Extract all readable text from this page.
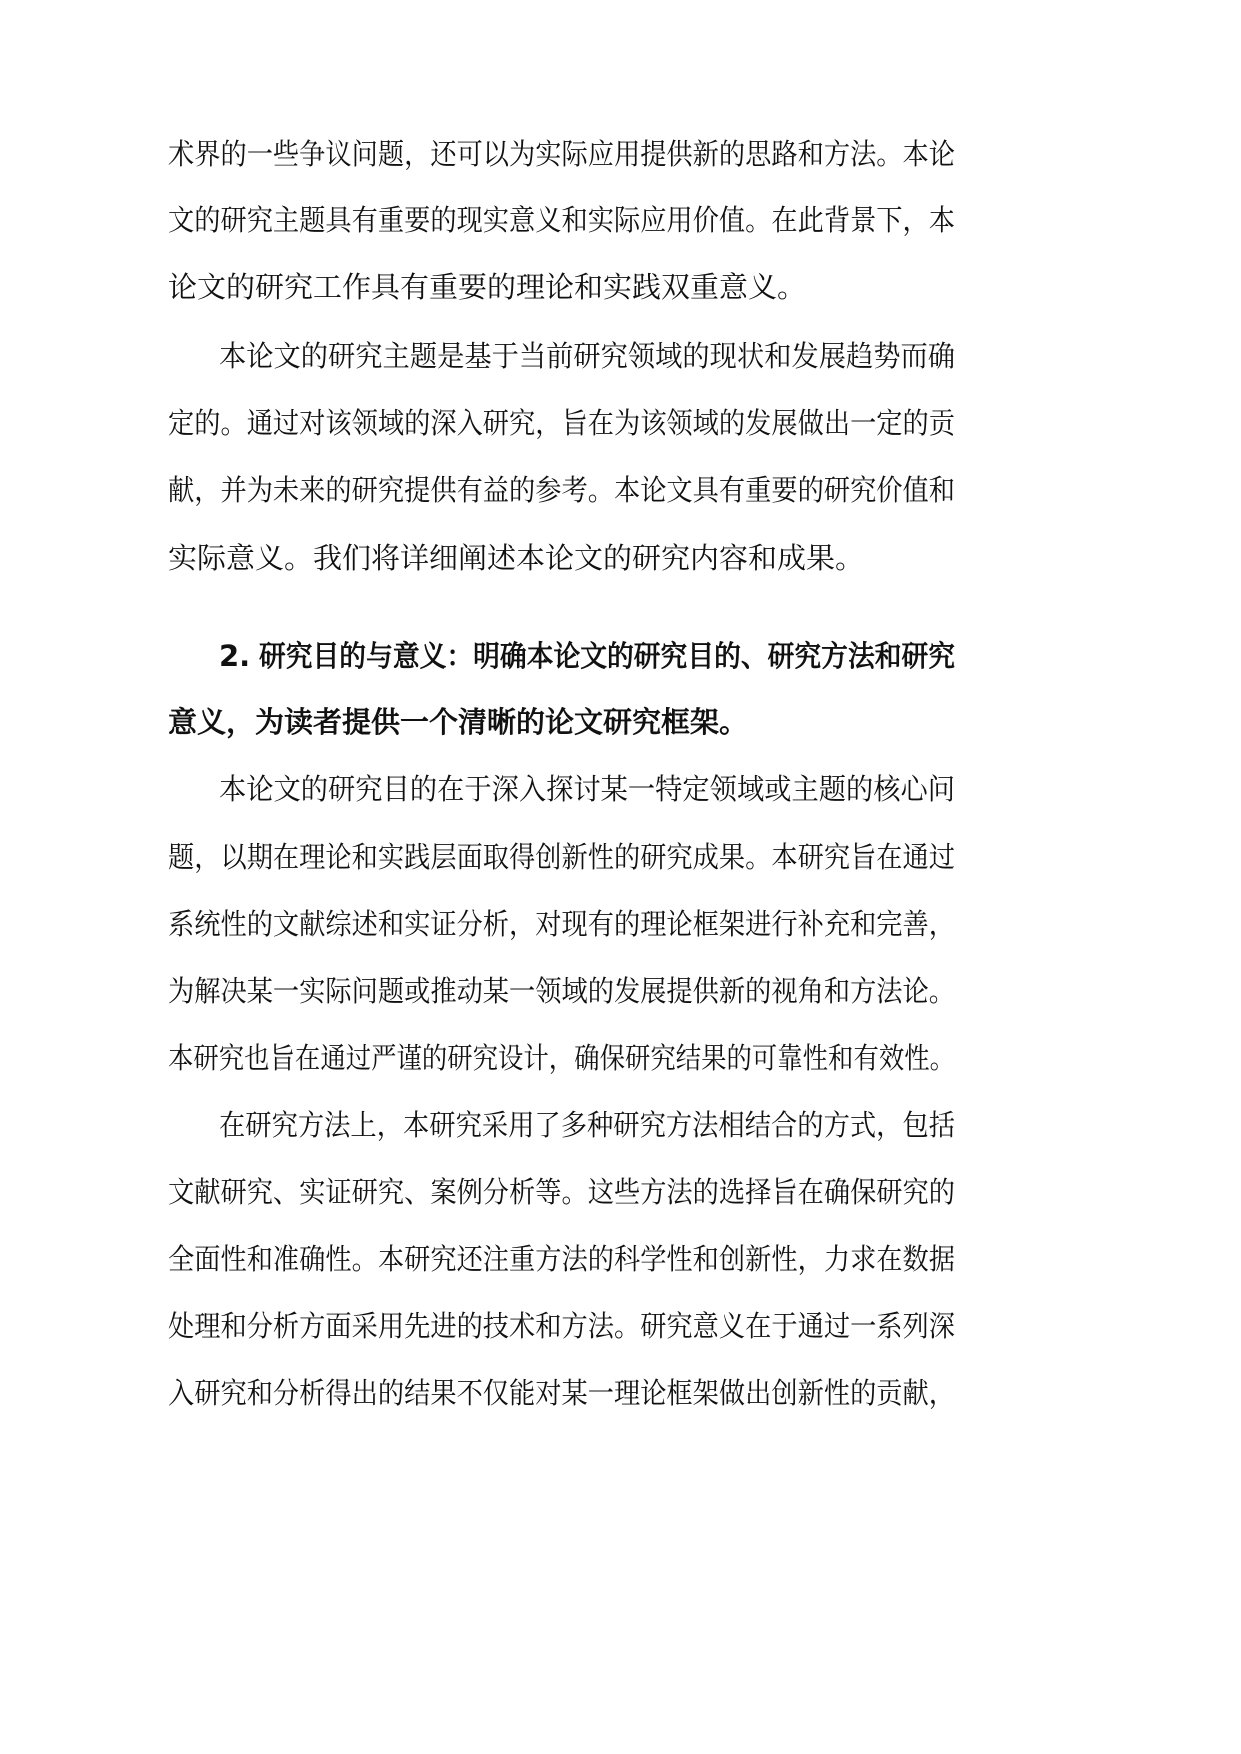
术界的一些争议问题，还可以为实际应用提供新的思路和方法。本论
文的研究主题具有重要的现实意义和实际应用价值。在此背景下，本
论文的研究工作具有重要的理论和实践双重意义。
本论文的研究主题是基于当前研究领域的现状和发展趋势而确
定的。通过对该领域的深入研究，旨在为该领域的发展做出一定的贡
献，并为未来的研究提供有益的参考。本论文具有重要的研究价值和
实际意义。我们将详细阐述本论文的研究内容和成果。
2. 研究目的与意义：明确本论文的研究目的、研究方法和研究
意义，为读者提供一个清晰的论文研究框架。
本论文的研究目的在于深入探讨某一特定领域或主题的核心问
题，以期在理论和实践层面取得创新性的研究成果。本研究旨在通过
系统性的文献综述和实证分析，对现有的理论框架进行补充和完善，
为解决某一实际问题或推动某一领域的发展提供新的视角和方法论。
本研究也旨在通过严谨的研究设计，确保研究结果的可靠性和有效性。
在研究方法上，本研究采用了多种研究方法相结合的方式，包括
文献研究、实证研究、案例分析等。这些方法的选择旨在确保研究的
全面性和准确性。本研究还注重方法的科学性和创新性，力求在数据
处理和分析方面采用先进的技术和方法。研究意义在于通过一系列深
入研究和分析得出的结果不仅能对某一理论框架做出创新性的贡献，
